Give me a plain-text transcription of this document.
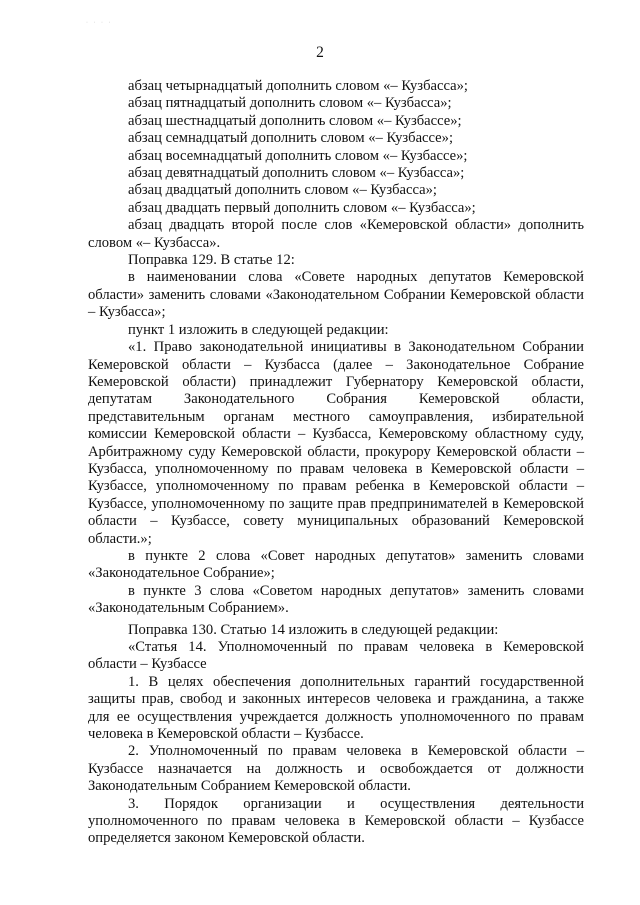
· · · ·
2

абзац четырнадцатый дополнить словом «– Кузбасса»;

абзац пятнадцатый дополнить словом «– Кузбасса»;

абзац шестнадцатый дополнить словом «– Кузбассе»;

абзац семнадцатый дополнить словом «– Кузбассе»;

абзац восемнадцатый дополнить словом «– Кузбассе»;

абзац девятнадцатый дополнить словом «– Кузбасса»;

абзац двадцатый дополнить словом «– Кузбасса»;

абзац двадцать первый дополнить словом «– Кузбасса»;

абзац двадцать второй после слов «Кемеровской области» дополнить словом «– Кузбасса».

Поправка 129. В статье 12:

в наименовании слова «Совете народных депутатов Кемеровской области» заменить словами «Законодательном Собрании Кемеровской области – Кузбасса»;

пункт 1 изложить в следующей редакции:

«1. Право законодательной инициативы в Законодательном Собрании Кемеровской области – Кузбасса (далее – Законодательное Собрание Кемеровской области) принадлежит Губернатору Кемеровской области, депутатам Законодательного Собрания Кемеровской области, представительным органам местного самоуправления, избирательной комиссии Кемеровской области – Кузбасса, Кемеровскому областному суду, Арбитражному суду Кемеровской области, прокурору Кемеровской области – Кузбасса, уполномоченному по правам человека в Кемеровской области – Кузбассе, уполномоченному по правам ребенка в Кемеровской области – Кузбассе, уполномоченному по защите прав предпринимателей в Кемеровской области – Кузбассе, совету муниципальных образований Кемеровской области.»;

в пункте 2 слова «Совет народных депутатов» заменить словами «Законодательное Собрание»;

в пункте 3 слова «Советом народных депутатов» заменить словами «Законодательным Собранием».

Поправка 130. Статью 14 изложить в следующей редакции:

«Статья 14. Уполномоченный по правам человека в Кемеровской области – Кузбассе

1. В целях обеспечения дополнительных гарантий государственной защиты прав, свобод и законных интересов человека и гражданина, а также для ее осуществления учреждается должность уполномоченного по правам человека в Кемеровской области – Кузбассе.

2. Уполномоченный по правам человека в Кемеровской области – Кузбассе назначается на должность и освобождается от должности Законодательным Собранием Кемеровской области.

3. Порядок организации и осуществления деятельности уполномоченного по правам человека в Кемеровской области – Кузбассе определяется законом Кемеровской области.
